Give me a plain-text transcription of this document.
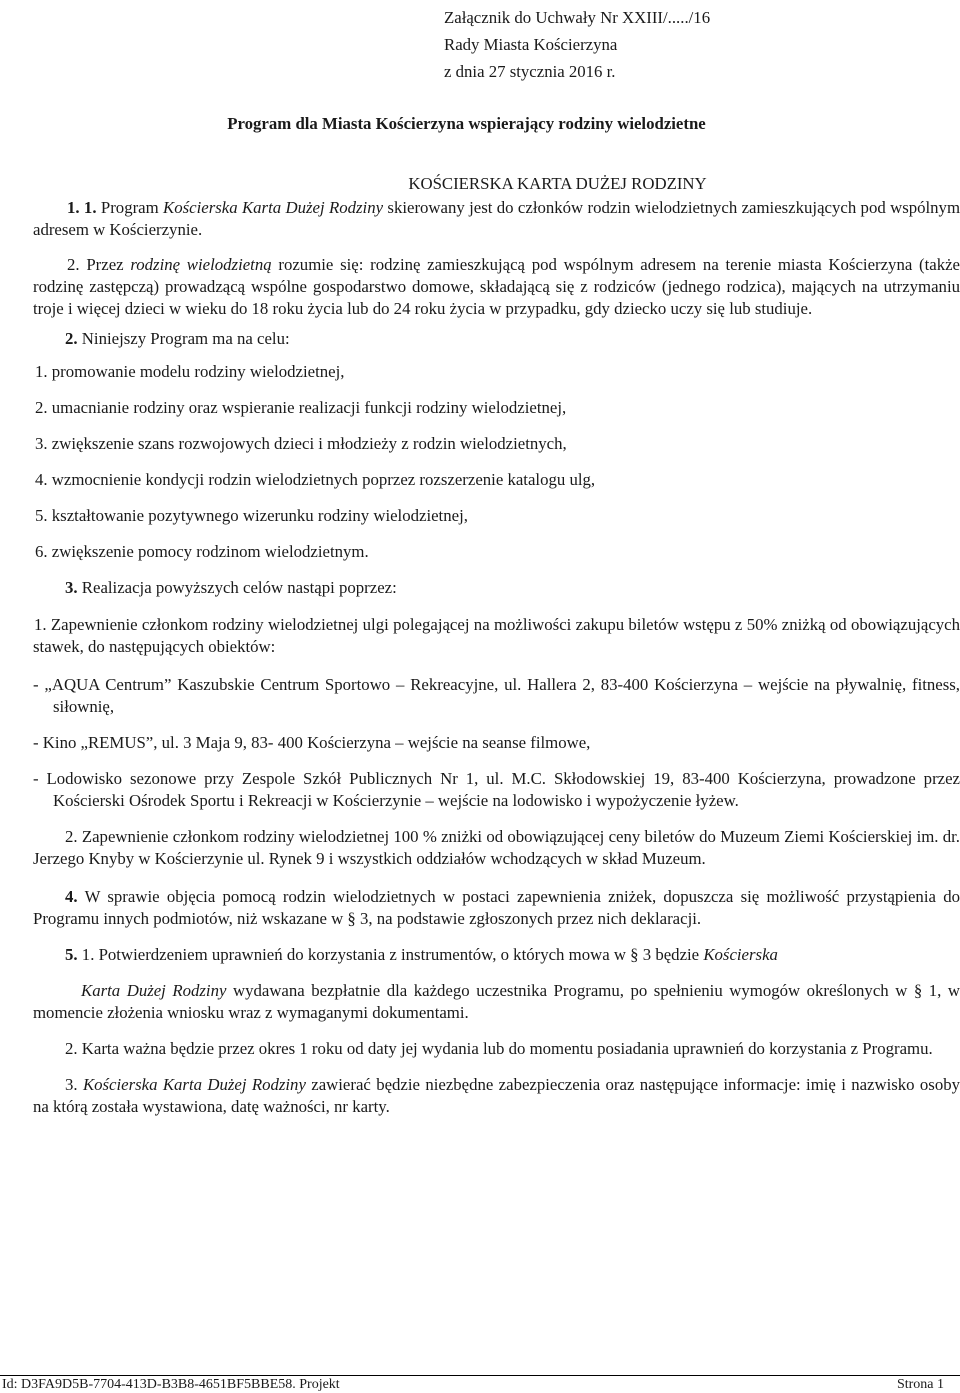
Załącznik do Uchwały Nr XXIII/...../16
Rady Miasta Kościerzyna
z dnia 27 stycznia 2016 r.
Program dla Miasta Kościerzyna wspierający rodziny wielodzietne
KOŚCIERSKA KARTA DUŻEJ RODZINY

1. 1. Program Kościerska Karta Dużej Rodziny skierowany jest do członków rodzin wielodzietnych zamieszkujących pod wspólnym adresem w Kościerzynie.

2. Przez rodzinę wielodzietną rozumie się: rodzinę zamieszkującą pod wspólnym adresem na terenie miasta Kościerzyna (także rodzinę zastępczą) prowadzącą wspólne gospodarstwo domowe, składającą się z rodziców (jednego rodzica), mających na utrzymaniu troje i więcej dzieci w wieku do 18 roku życia lub do 24 roku życia w przypadku, gdy dziecko uczy się lub studiuje.

2. Niniejszy Program ma na celu:
1. promowanie modelu rodziny wielodzietnej,
2. umacnianie rodziny oraz wspieranie realizacji funkcji rodziny wielodzietnej,
3. zwiększenie szans rozwojowych dzieci i młodzieży z rodzin wielodzietnych,
4. wzmocnienie kondycji rodzin wielodzietnych poprzez rozszerzenie katalogu ulg,
5. kształtowanie pozytywnego wizerunku rodziny wielodzietnej,
6. zwiększenie pomocy rodzinom wielodzietnym.
3. Realizacja powyższych celów nastąpi poprzez:

1. Zapewnienie członkom rodziny wielodzietnej ulgi polegającej na możliwości zakupu biletów wstępu z 50% zniżką od obowiązujących stawek, do następujących obiektów:

- „AQUA Centrum” Kaszubskie Centrum Sportowo – Rekreacyjne, ul. Hallera 2, 83-400 Kościerzyna – wejście na pływalnię, fitness, siłownię,

- Kino „REMUS”, ul. 3 Maja 9, 83- 400 Kościerzyna – wejście na seanse filmowe,

- Lodowisko sezonowe przy Zespole Szkół Publicznych Nr 1, ul. M.C. Skłodowskiej 19, 83-400 Kościerzyna, prowadzone przez Kościerski Ośrodek Sportu i Rekreacji w Kościerzynie – wejście na lodowisko i wypożyczenie łyżew.

2. Zapewnienie członkom rodziny wielodzietnej 100 % zniżki od obowiązującej ceny biletów do Muzeum Ziemi Kościerskiej im. dr. Jerzego Knyby w Kościerzynie ul. Rynek 9 i wszystkich oddziałów wchodzących w skład Muzeum.

4. W sprawie objęcia pomocą rodzin wielodzietnych w postaci zapewnienia zniżek, dopuszcza się możliwość przystąpienia do Programu innych podmiotów, niż wskazane w § 3, na podstawie zgłoszonych przez nich deklaracji.

5. 1. Potwierdzeniem uprawnień do korzystania z instrumentów, o których mowa w § 3 będzie Kościerska

Karta Dużej Rodziny wydawana bezpłatnie dla każdego uczestnika Programu, po spełnieniu wymogów określonych w § 1, w momencie złożenia wniosku wraz z wymaganymi dokumentami.

2. Karta ważna będzie przez okres 1 roku od daty jej wydania lub do momentu posiadania uprawnień do korzystania z Programu.

3. Kościerska Karta Dużej Rodziny zawierać będzie niezbędne zabezpieczenia oraz następujące informacje: imię i nazwisko osoby na którą została wystawiona, datę ważności, nr karty.

Id: D3FA9D5B-7704-413D-B3B8-4651BF5BBE58. Projekt	Strona 1
